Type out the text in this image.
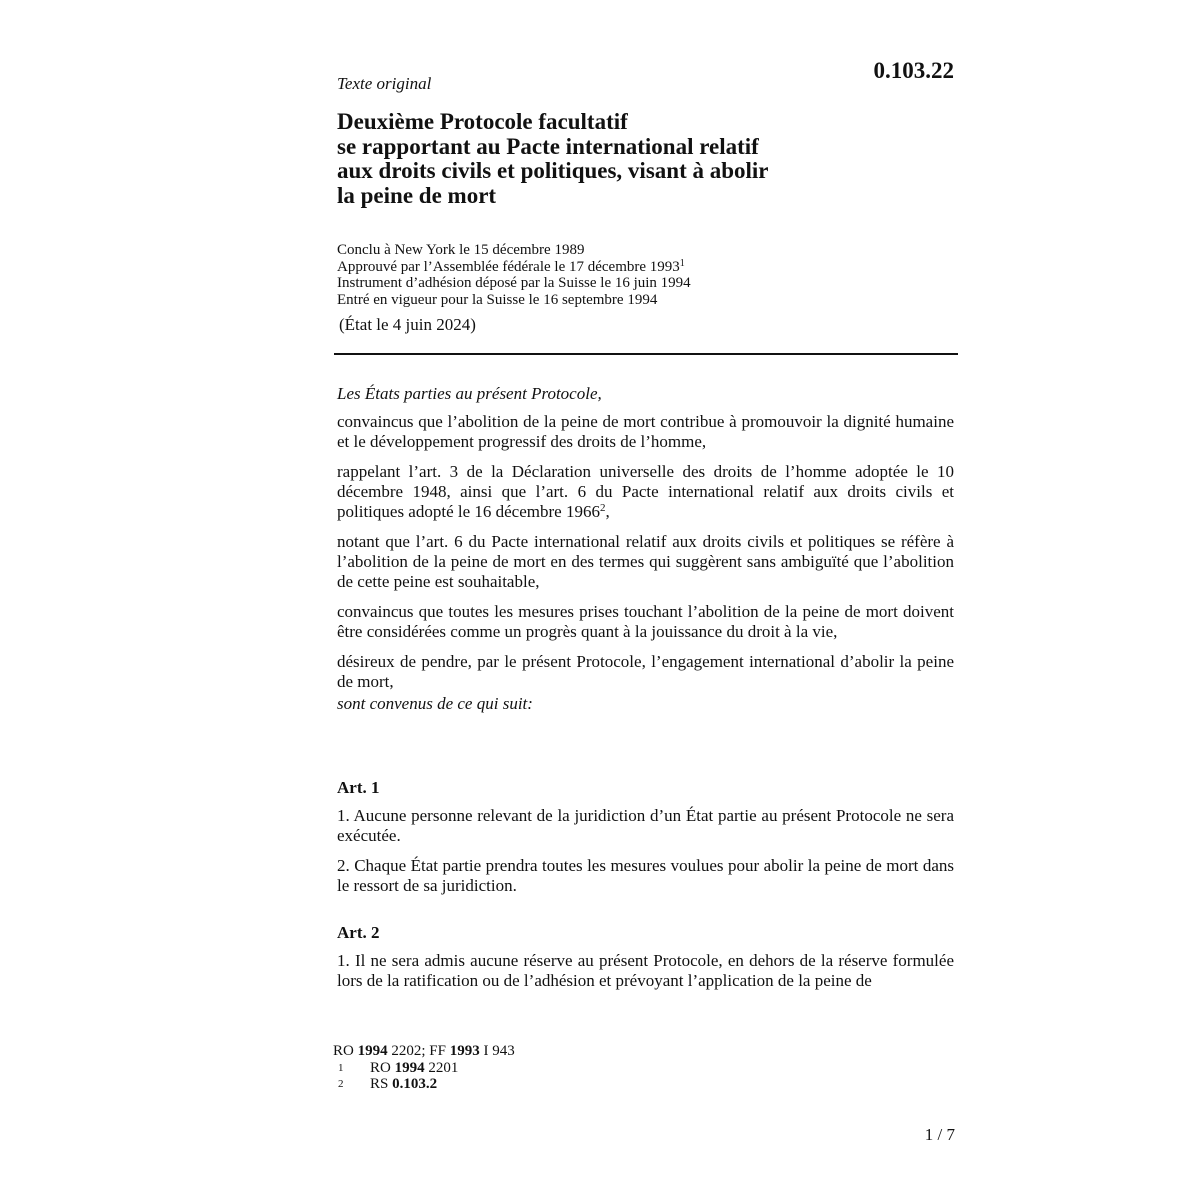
0.103.22
Texte original
Deuxième Protocole facultatif
se rapportant au Pacte international relatif
aux droits civils et politiques, visant à abolir
la peine de mort
Conclu à New York le 15 décembre 1989
Approuvé par l’Assemblée fédérale le 17 décembre 1993$^1$
Instrument d’adhésion déposé par la Suisse le 16 juin 1994
Entré en vigueur pour la Suisse le 16 septembre 1994
(État le 4 juin 2024)

Les États parties au présent Protocole,

convaincus que l’abolition de la peine de mort contribue à promouvoir la dignité humaine et le développement progressif des droits de l’homme,

rappelant l’art. 3 de la Déclaration universelle des droits de l’homme adoptée le 10 décembre 1948, ainsi que l’art. 6 du Pacte international relatif aux droits civils et politiques adopté le 16 décembre 1966$^2$,

notant que l’art. 6 du Pacte international relatif aux droits civils et politiques se réfère à l’abolition de la peine de mort en des termes qui suggèrent sans ambiguïté que l’abolition de cette peine est souhaitable,

convaincus que toutes les mesures prises touchant l’abolition de la peine de mort doivent être considérées comme un progrès quant à la jouissance du droit à la vie,

désireux de pendre, par le présent Protocole, l’engagement international d’abolir la peine de mort,

sont convenus de ce qui suit:

Art. 1

1. Aucune personne relevant de la juridiction d’un État partie au présent Protocole ne sera exécutée.

2. Chaque État partie prendra toutes les mesures voulues pour abolir la peine de mort dans le ressort de sa juridiction.

Art. 2

1. Il ne sera admis aucune réserve au présent Protocole, en dehors de la réserve formulée lors de la ratification ou de l’adhésion et prévoyant l’application de la peine de

RO 1994 2202; FF 1993 I 943
1	RO 1994 2201
2	RS 0.103.2
1 / 7
